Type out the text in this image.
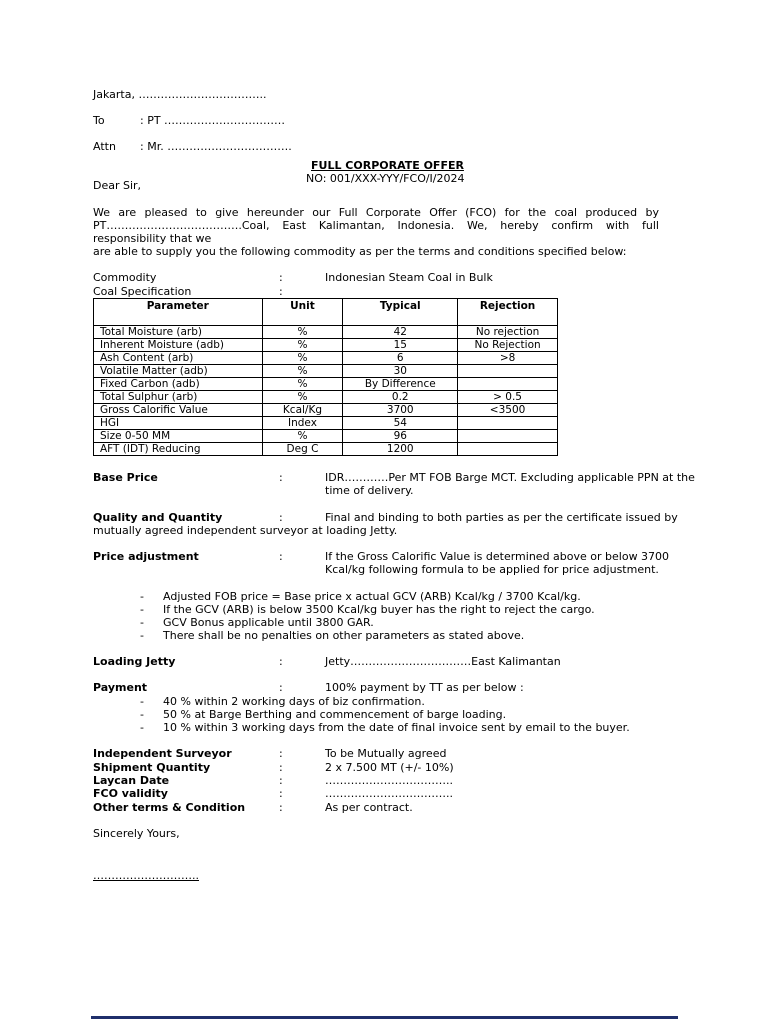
Jakarta, ……………………………..
To	: PT ……………………………
Attn : Mr. …………………………….
FULL CORPORATE OFFER
NO: 001/XXX-YYY/FCO/I/2024
Dear Sir,
We are pleased to give hereunder our Full Corporate Offer (FCO) for the coal produced by PT……………………………….Coal, East Kalimantan, Indonesia. We, hereby confirm with full responsibility that we
are able to supply you the following commodity as per the terms and conditions specified below:
Commodity	:	Indonesian Steam Coal in Bulk
Coal Specification	:
Parameter	Unit	Typical	Rejection
Total Moisture (arb)	%	42	No rejection
Inherent Moisture (adb)	%	15	No Rejection
Ash Content (arb)	%	6	>8
Volatile Matter (adb)	%	30	
Fixed Carbon (adb)	%	By Difference	
Total Sulphur (arb)	%	0.2	> 0.5
Gross Calorific Value	Kcal/Kg	3700	<3500
HGI	Index	54	
Size 0-50 MM	%	96	
AFT (IDT) Reducing	Deg C	1200	
Base Price	:	IDR…………Per MT FOB Barge MCT. Excluding applicable PPN at the
time of delivery.
Quality and Quantity	:	Final and binding to both parties as per the certificate issued by
mutually agreed independent surveyor at loading Jetty.
Price adjustment	:	If the Gross Calorific Value is determined above or below 3700
Kcal/kg following formula to be applied for price adjustment.
- Adjusted FOB price = Base price x actual GCV (ARB) Kcal/kg / 3700 Kcal/kg.
- If the GCV (ARB) is below 3500 Kcal/kg buyer has the right to reject the cargo.
- GCV Bonus applicable until 3800 GAR.
- There shall be no penalties on other parameters as stated above.
Loading Jetty	:	Jetty……………………………East Kalimantan
Payment	:	100% payment by TT as per below :
- 40 % within 2 working days of biz confirmation.
- 50 % at Barge Berthing and commencement of barge loading.
- 10 % within 3 working days from the date of final invoice sent by email to the buyer.
Independent Surveyor	:	To be Mutually agreed
Shipment Quantity	:	2 x 7.500 MT (+/- 10%)
Laycan Date	:	……………………………..
FCO validity	:	……………………………..
Other terms & Condition	:	As per contract.
Sincerely Yours,
………………………..
